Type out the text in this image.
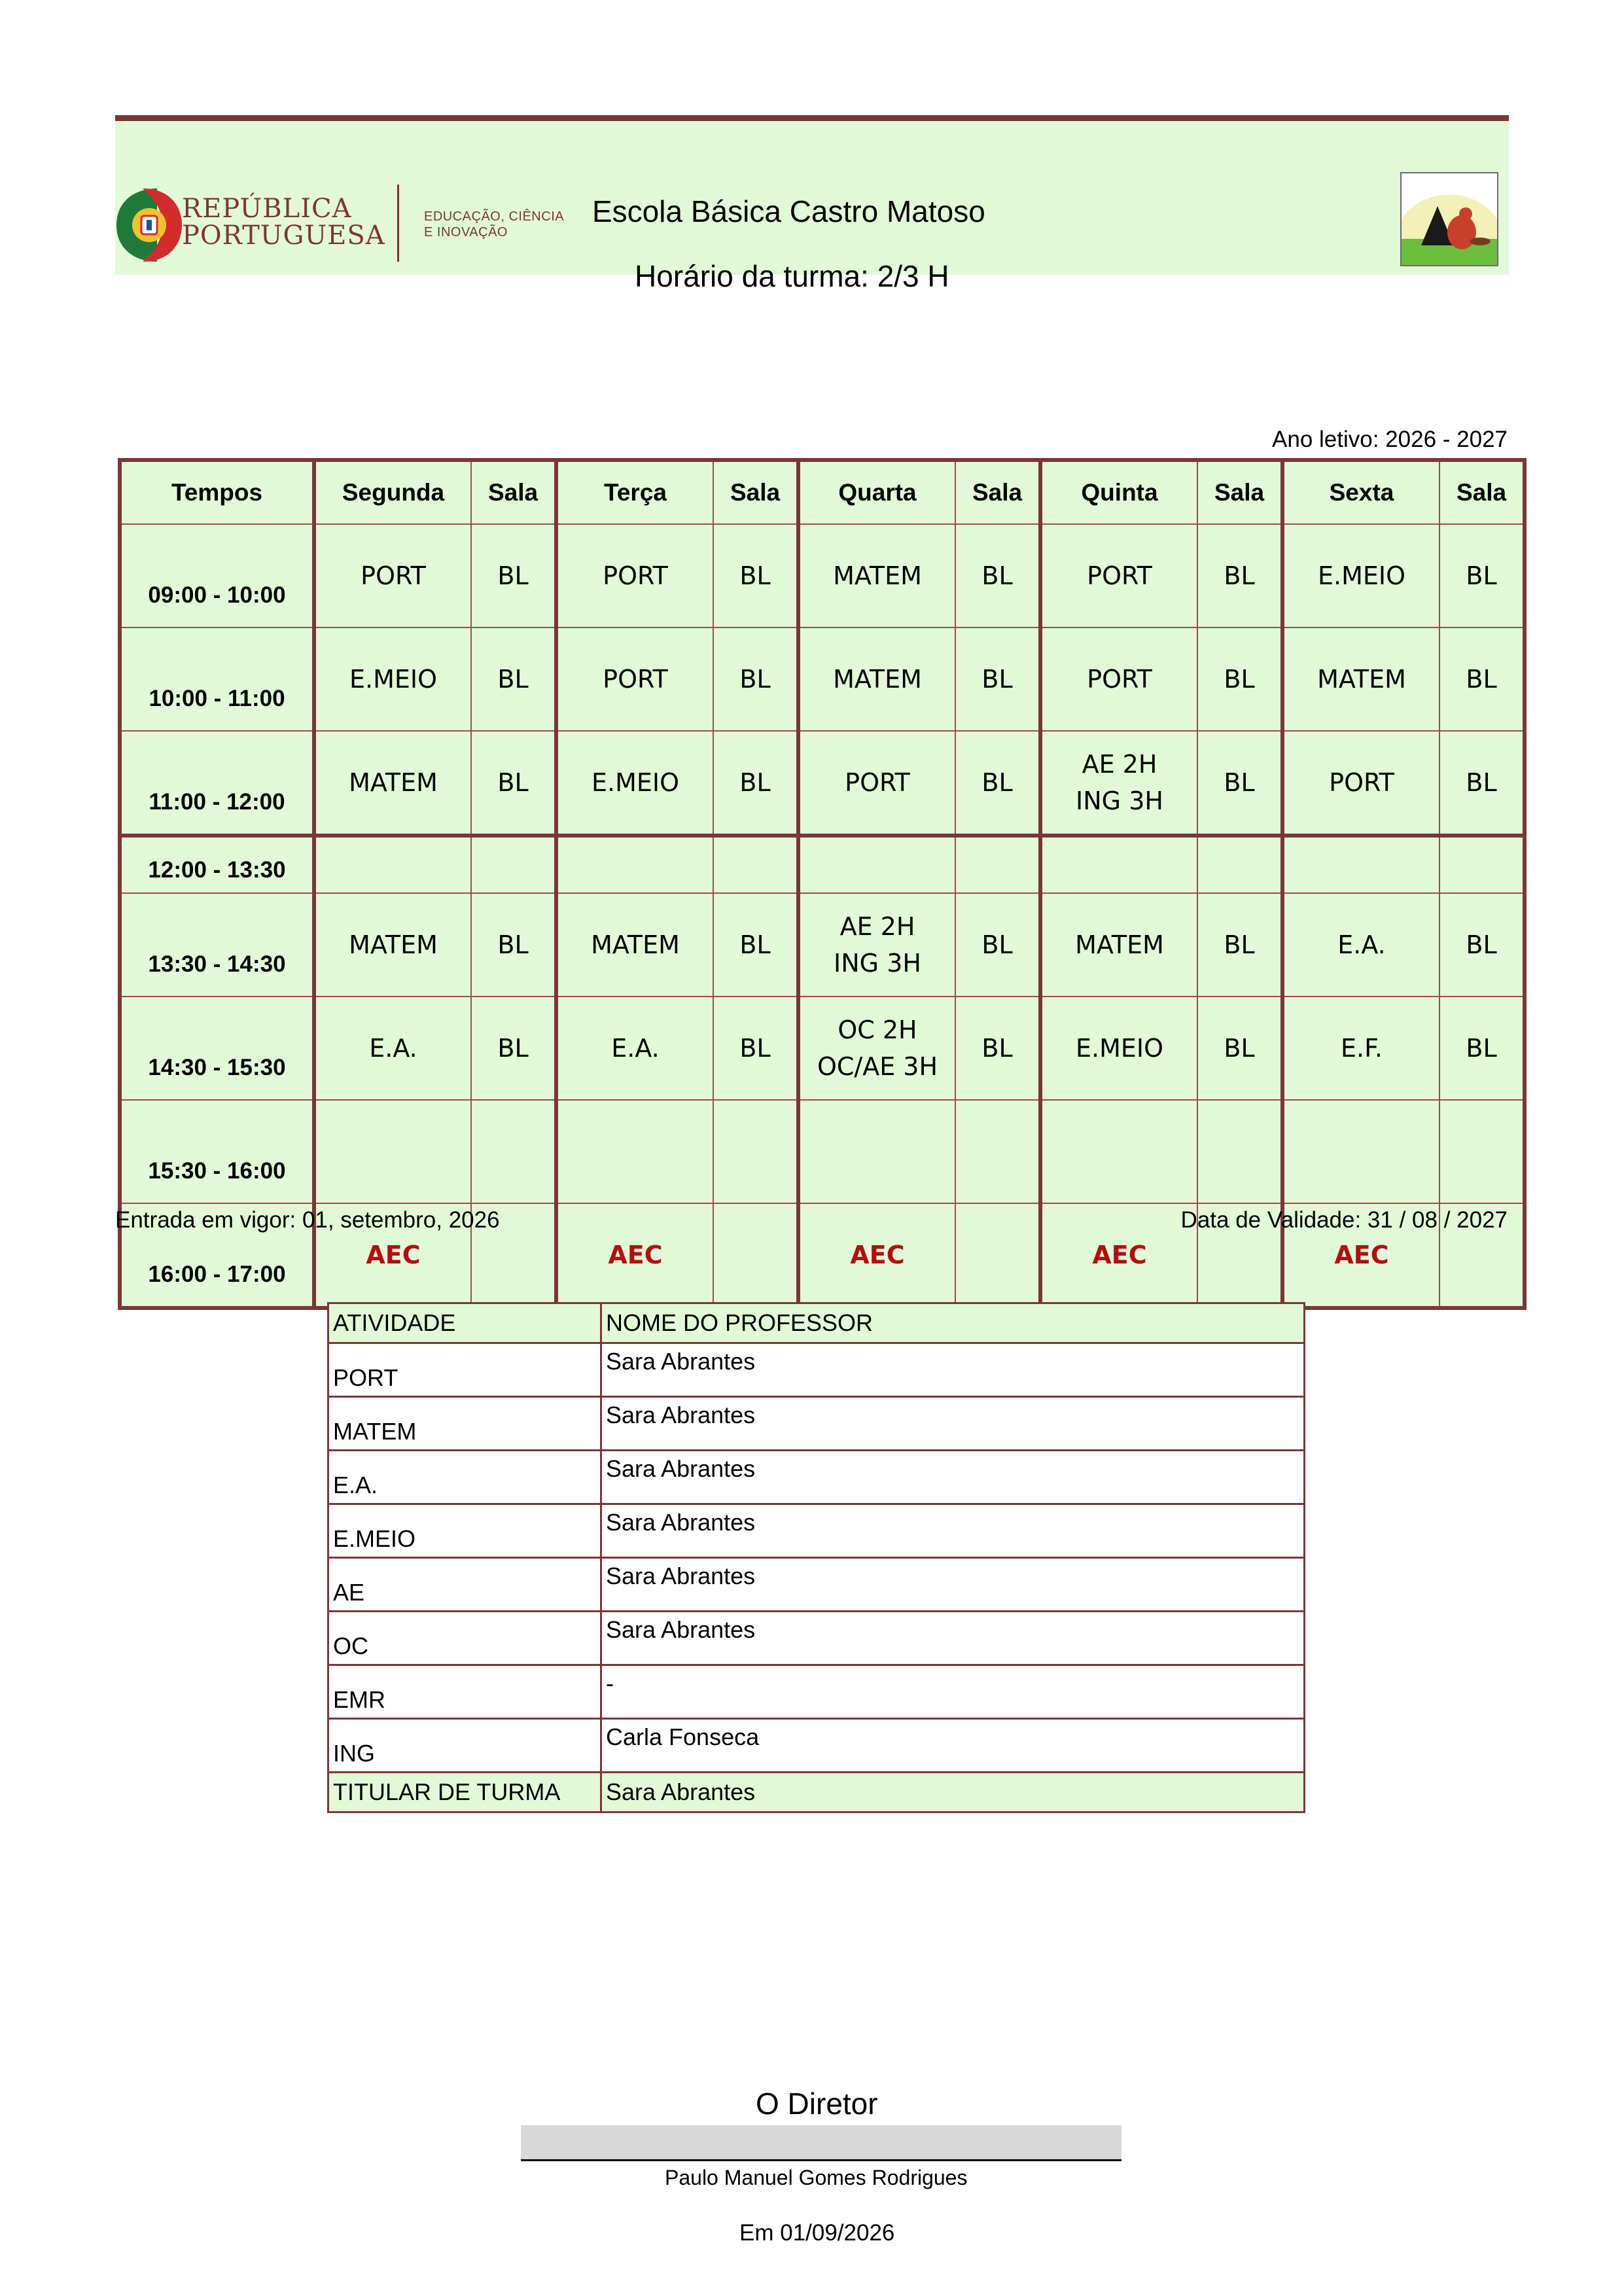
REPÚBLICA
PORTUGUESA
EDUCAÇÃO, CIÊNCIA
E INOVAÇÃO
Escola Básica Castro Matoso
Horário da turma: 2/3 H
Ano letivo: 2026 - 2027
Tempos	Segunda	Sala	Terça	Sala	Quarta	Sala	Quinta	Sala	Sexta	Sala
09:00 - 10:00	PORT	BL	PORT	BL	MATEM	BL	PORT	BL	E.MEIO	BL

10:00 - 11:00	E.MEIO	BL	PORT	BL	MATEM	BL	PORT	BL	MATEM	BL

11:00 - 12:00	MATEM	BL	E.MEIO	BL	PORT	BL	AE 2H
ING 3H	BL	PORT	BL

12:00 - 13:30	

13:30 - 14:30	MATEM	BL	MATEM	BL	AE 2H
ING 3H	BL	MATEM	BL	E.A.	BL

14:30 - 15:30	E.A.	BL	E.A.	BL	OC 2H
OC/AE 3H	BL	E.MEIO	BL	E.F.	BL

15:30 - 16:00	

16:00 - 17:00	AEC		AEC		AEC		AEC		AEC	

Entrada em vigor: 01, setembro, 2026	Data de Validade: 31 / 08 / 2027
ATIVIDADE	NOME DO PROFESSOR
PORT	Sara Abrantes
MATEM	Sara Abrantes
E.A.	Sara Abrantes
E.MEIO	Sara Abrantes
AE	Sara Abrantes
OC	Sara Abrantes
EMR	-
ING	Carla Fonseca
TITULAR DE TURMA	Sara Abrantes
O Diretor
Paulo Manuel Gomes Rodrigues
Em 01/09/2026
